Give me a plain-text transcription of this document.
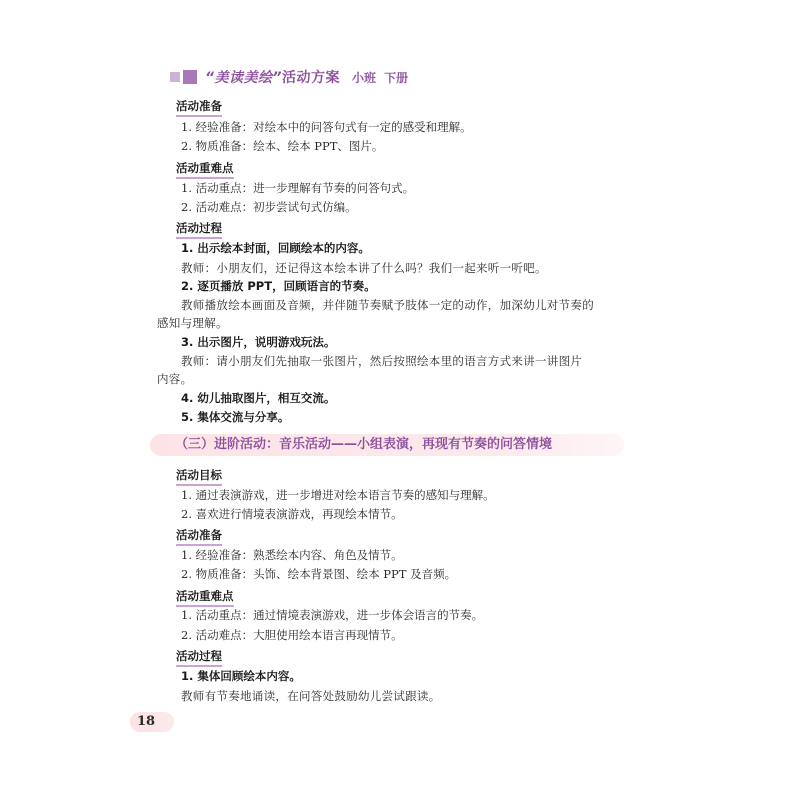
“美读美绘”活动方案 小班 下册
活动准备
1. 经验准备：对绘本中的问答句式有一定的感受和理解。
2. 物质准备：绘本、绘本 PPT、图片。
活动重难点
1. 活动重点：进一步理解有节奏的问答句式。
2. 活动难点：初步尝试句式仿编。
活动过程
1. 出示绘本封面，回顾绘本的内容。
教师：小朋友们，还记得这本绘本讲了什么吗？我们一起来听一听吧。
2. 逐页播放 PPT，回顾语言的节奏。
教师播放绘本画面及音频，并伴随节奏赋予肢体一定的动作，加深幼儿对节奏的
感知与理解。
3. 出示图片，说明游戏玩法。
教师：请小朋友们先抽取一张图片，然后按照绘本里的语言方式来讲一讲图片
内容。
4. 幼儿抽取图片，相互交流。
5. 集体交流与分享。
（三）进阶活动：音乐活动——小组表演，再现有节奏的问答情境
活动目标
1. 通过表演游戏，进一步增进对绘本语言节奏的感知与理解。
2. 喜欢进行情境表演游戏，再现绘本情节。
活动准备
1. 经验准备：熟悉绘本内容、角色及情节。
2. 物质准备：头饰、绘本背景图、绘本 PPT 及音频。
活动重难点
1. 活动重点：通过情境表演游戏，进一步体会语言的节奏。
2. 活动难点：大胆使用绘本语言再现情节。
活动过程
1. 集体回顾绘本内容。
教师有节奏地诵读，在问答处鼓励幼儿尝试跟读。
18
